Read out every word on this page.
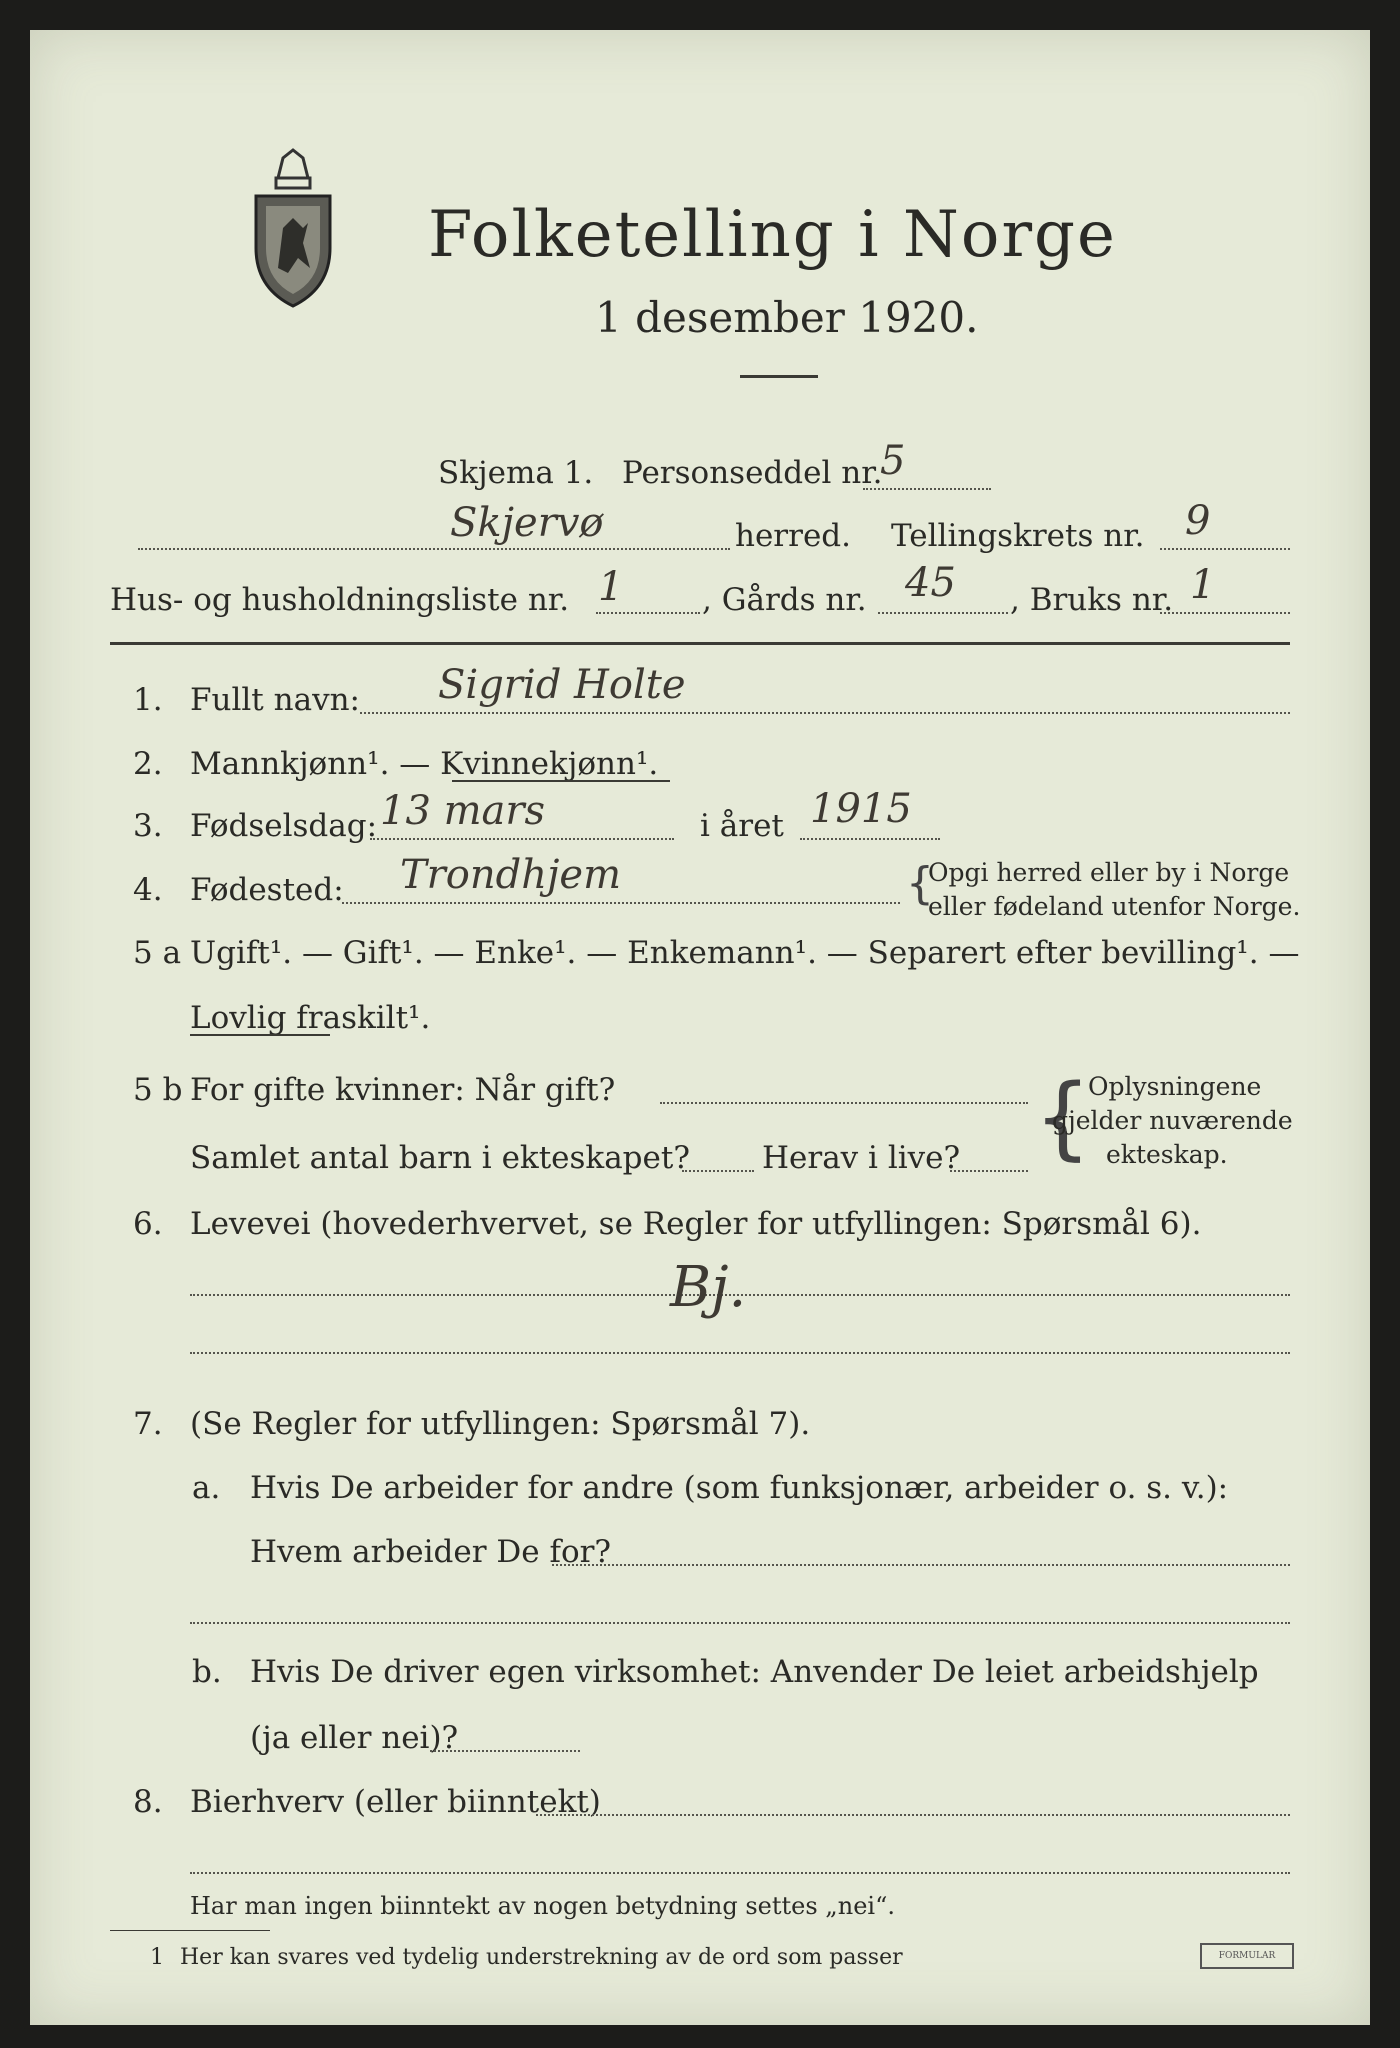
Folketelling i Norge
1 desember 1920.
Skjema 1. Personseddel nr.
5
Skjervø	herred. Tellingskrets nr. 9
Hus- og husholdningsliste nr. 1	, Gårds nr. 45 , Bruks nr. 1
1. Fullt navn: Sigrid Holte
2. Mannkjønn¹. — Kvinnekjønn¹.
3. Fødselsdag: 13 mars	i året 1915
4. Fødested: Trondhjem	{
Opgi herred eller by i Norge
eller fødeland utenfor Norge.
5 a Ugift¹. — Gift¹. — Enke¹. — Enkemann¹. — Separert efter bevilling¹. —
Lovlig fraskilt¹.
5 b For gifte kvinner: Når gift?
Samlet antal barn i ekteskapet? Herav i live? {
Oplysningene
gjelder nuværende
ekteskap.
6. Levevei (hovederhvervet, se Regler for utfyllingen: Spørsmål 6).
Bj.
7. (Se Regler for utfyllingen: Spørsmål 7).
a. Hvis De arbeider for andre (som funksjonær, arbeider o. s. v.):
Hvem arbeider De for?
b. Hvis De driver egen virksomhet: Anvender De leiet arbeidshjelp
(ja eller nei)?
8. Bierhverv (eller biinntekt)
Har man ingen biinntekt av nogen betydning settes „nei“.
1 Her kan svares ved tydelig understrekning av de ord som passer	FORMULAR
